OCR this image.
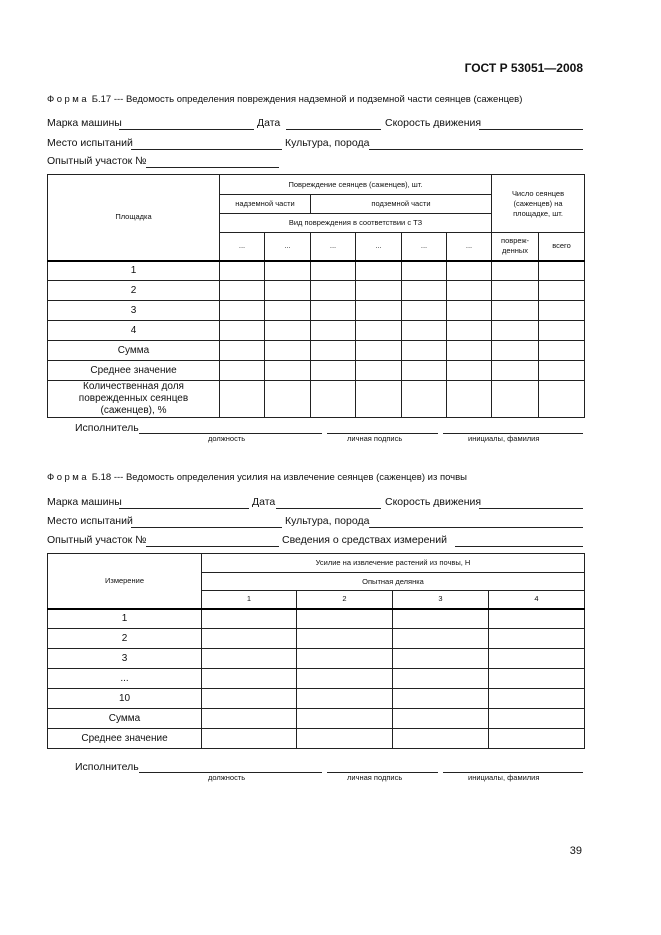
ГОСТ Р 53051—2008
Форма Б.17 --- Ведомость определения повреждения надземной и подземной части сеянцев (саженцев)
Марка машины	Дата	Скорость движения
Место испытаний	Культура, порода
Опытный участок №
Площадка	Повреждение сеянцев (саженцев), шт.						Число сеянцев (саженцев) на площадке, шт.	
	надземной части		подземной части					
	Вид повреждения в соответствии с ТЗ							
	...	...	...	...	...	...	повреж-денных	всего
1								
2								
3								
4								
Сумма								
Среднее значение								
Количественная доля поврежденных сеянцев (саженцев), %								
Исполнитель
должность	личная подпись	инициалы, фамилия
Форма Б.18 --- Ведомость определения усилия на извлечение сеянцев (саженцев) из почвы
Марка машины	Дата	Скорость движения
Место испытаний	Культура, порода
Опытный участок №	Сведения о средствах измерений
Измерение	Усилие на извлечение растений из почвы, Н			
	Опытная делянка			
	1	2	3	4
1				
2				
3				
...				
10				
Сумма				
Среднее значение				
Исполнитель
должность	личная подпись	инициалы, фамилия
39
